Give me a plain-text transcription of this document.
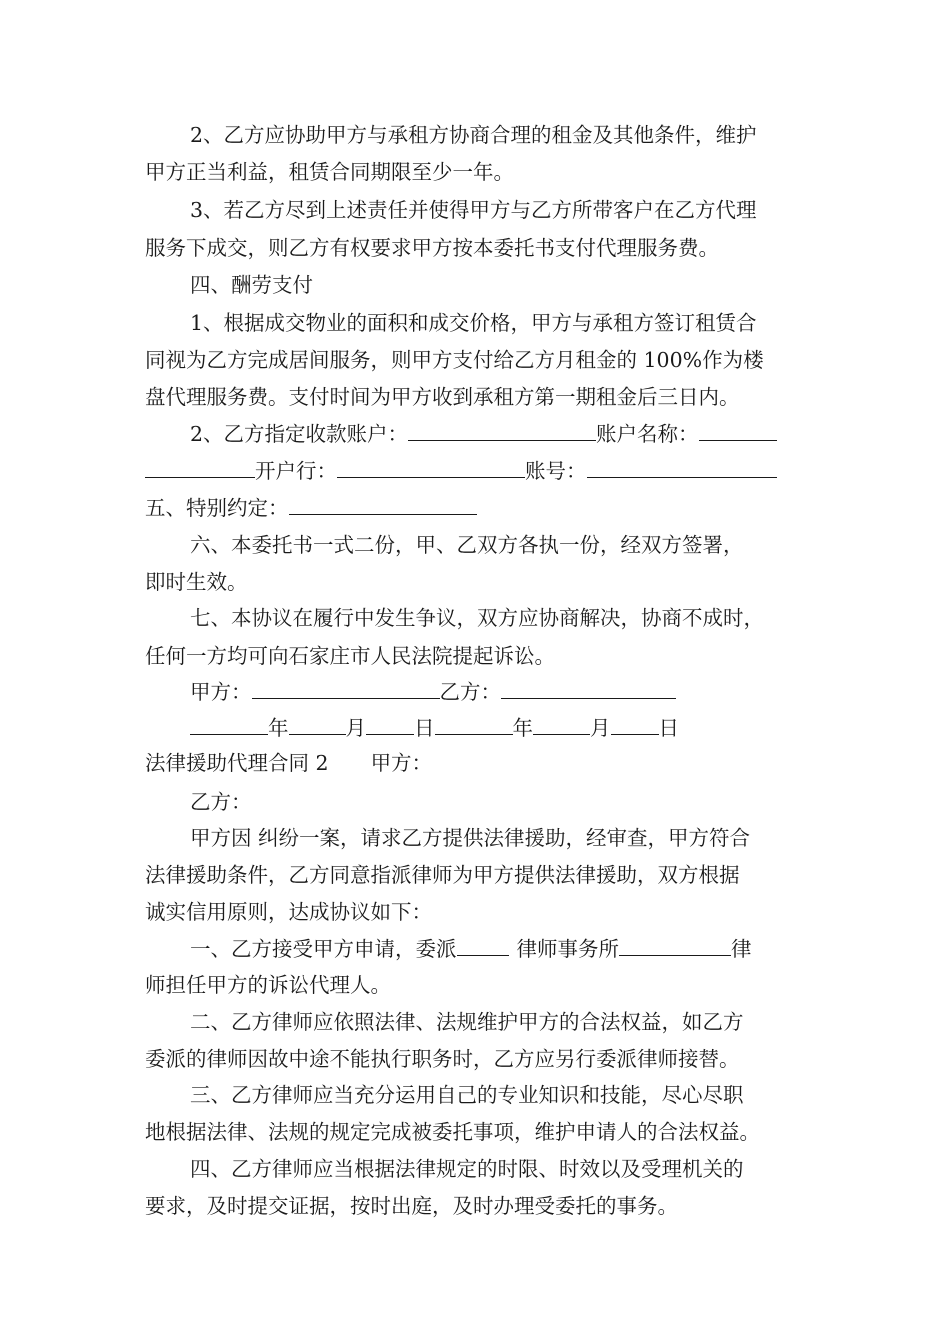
2、乙方应协助甲方与承租方协商合理的租金及其他条件，维护
甲方正当利益，租赁合同期限至少一年。
3、若乙方尽到上述责任并使得甲方与乙方所带客户在乙方代理
服务下成交，则乙方有权要求甲方按本委托书支付代理服务费。
四、酬劳支付
1、根据成交物业的面积和成交价格，甲方与承租方签订租赁合
同视为乙方完成居间服务，则甲方支付给乙方月租金的 100%作为楼
盘代理服务费。支付时间为甲方收到承租方第一期租金后三日内。
2、乙方指定收款账户：	账户名称：
开户行：	账号：
五、特别约定：
六、本委托书一式二份，甲、乙双方各执一份，经双方签署，
即时生效。
七、本协议在履行中发生争议，双方应协商解决，协商不成时，
任何一方均可向石家庄市人民法院提起诉讼。
甲方：	乙方：
年	月 日	年	月 日
法律援助代理合同 2 甲方：
乙方：
甲方因 纠纷一案，请求乙方提供法律援助，经审查，甲方符合
法律援助条件，乙方同意指派律师为甲方提供法律援助，双方根据
诚实信用原则，达成协议如下：
一、乙方接受甲方申请，委派	律师事务所	律
师担任甲方的诉讼代理人。
二、乙方律师应依照法律、法规维护甲方的合法权益，如乙方
委派的律师因故中途不能执行职务时，乙方应另行委派律师接替。
三、乙方律师应当充分运用自己的专业知识和技能，尽心尽职
地根据法律、法规的规定完成被委托事项，维护申请人的合法权益。
四、乙方律师应当根据法律规定的时限、时效以及受理机关的
要求，及时提交证据，按时出庭，及时办理受委托的事务。
